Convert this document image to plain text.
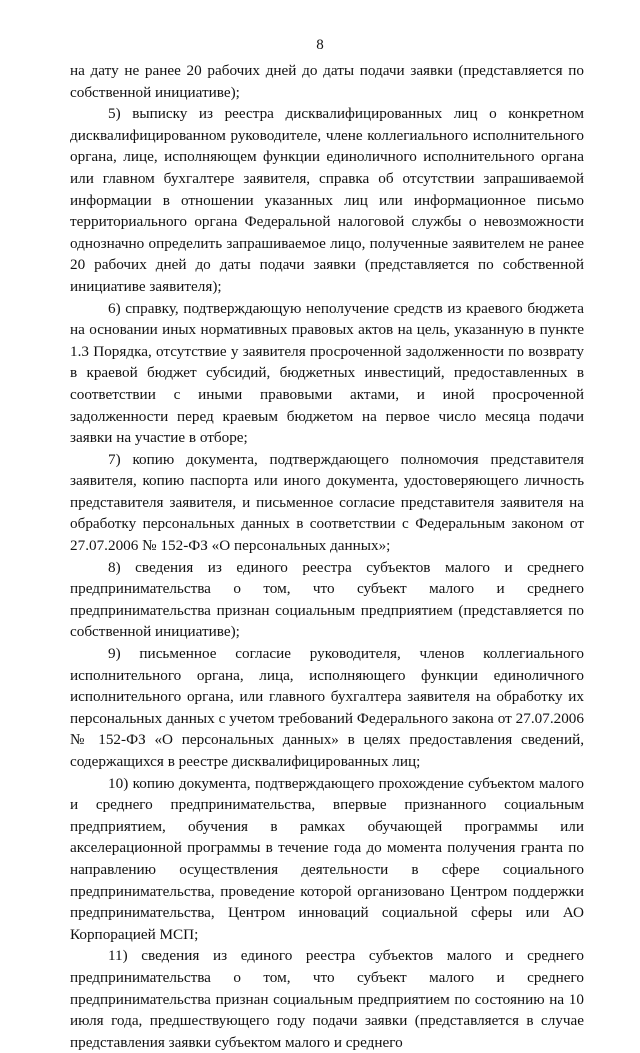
8

на дату не ранее 20 рабочих дней до даты подачи заявки (представляется по собственной инициативе);

5) выписку из реестра дисквалифицированных лиц о конкретном дисквалифицированном руководителе, члене коллегиального исполнительного органа, лице, исполняющем функции единоличного исполнительного органа или главном бухгалтере заявителя, справка об отсутствии запрашиваемой информации в отношении указанных лиц или информационное письмо территориального органа Федеральной налоговой службы о невозможности однозначно определить запрашиваемое лицо, полученные заявителем не ранее 20 рабочих дней до даты подачи заявки (представляется по собственной инициативе заявителя);

6) справку, подтверждающую неполучение средств из краевого бюджета на основании иных нормативных правовых актов на цель, указанную в пункте 1.3 Порядка, отсутствие у заявителя просроченной задолженности по возврату в краевой бюджет субсидий, бюджетных инвестиций, предоставленных в соответствии с иными правовыми актами, и иной просроченной задолженности перед краевым бюджетом на первое число месяца подачи заявки на участие в отборе;

7) копию документа, подтверждающего полномочия представителя заявителя, копию паспорта или иного документа, удостоверяющего личность представителя заявителя, и письменное согласие представителя заявителя на обработку персональных данных в соответствии с Федеральным законом от 27.07.2006 № 152-ФЗ «О персональных данных»;

8) сведения из единого реестра субъектов малого и среднего предпринимательства о том, что субъект малого и среднего предпринимательства признан социальным предприятием (представляется по собственной инициативе);

9) письменное согласие руководителя, членов коллегиального исполнительного органа, лица, исполняющего функции единоличного исполнительного органа, или главного бухгалтера заявителя на обработку их персональных данных с учетом требований Федерального закона от 27.07.2006 № 152-ФЗ «О персональных данных» в целях предоставления сведений, содержащихся в реестре дисквалифицированных лиц;

10) копию документа, подтверждающего прохождение субъектом малого и среднего предпринимательства, впервые признанного социальным предприятием, обучения в рамках обучающей программы или акселерационной программы в течение года до момента получения гранта по направлению осуществления деятельности в сфере социального предпринимательства, проведение которой организовано Центром поддержки предпринимательства, Центром инноваций социальной сферы или АО Корпорацией МСП;

11) сведения из единого реестра субъектов малого и среднего предпринимательства о том, что субъект малого и среднего предпринимательства признан социальным предприятием по состоянию на 10 июля года, предшествующего году подачи заявки (представляется в случае представления заявки субъектом малого и среднего
